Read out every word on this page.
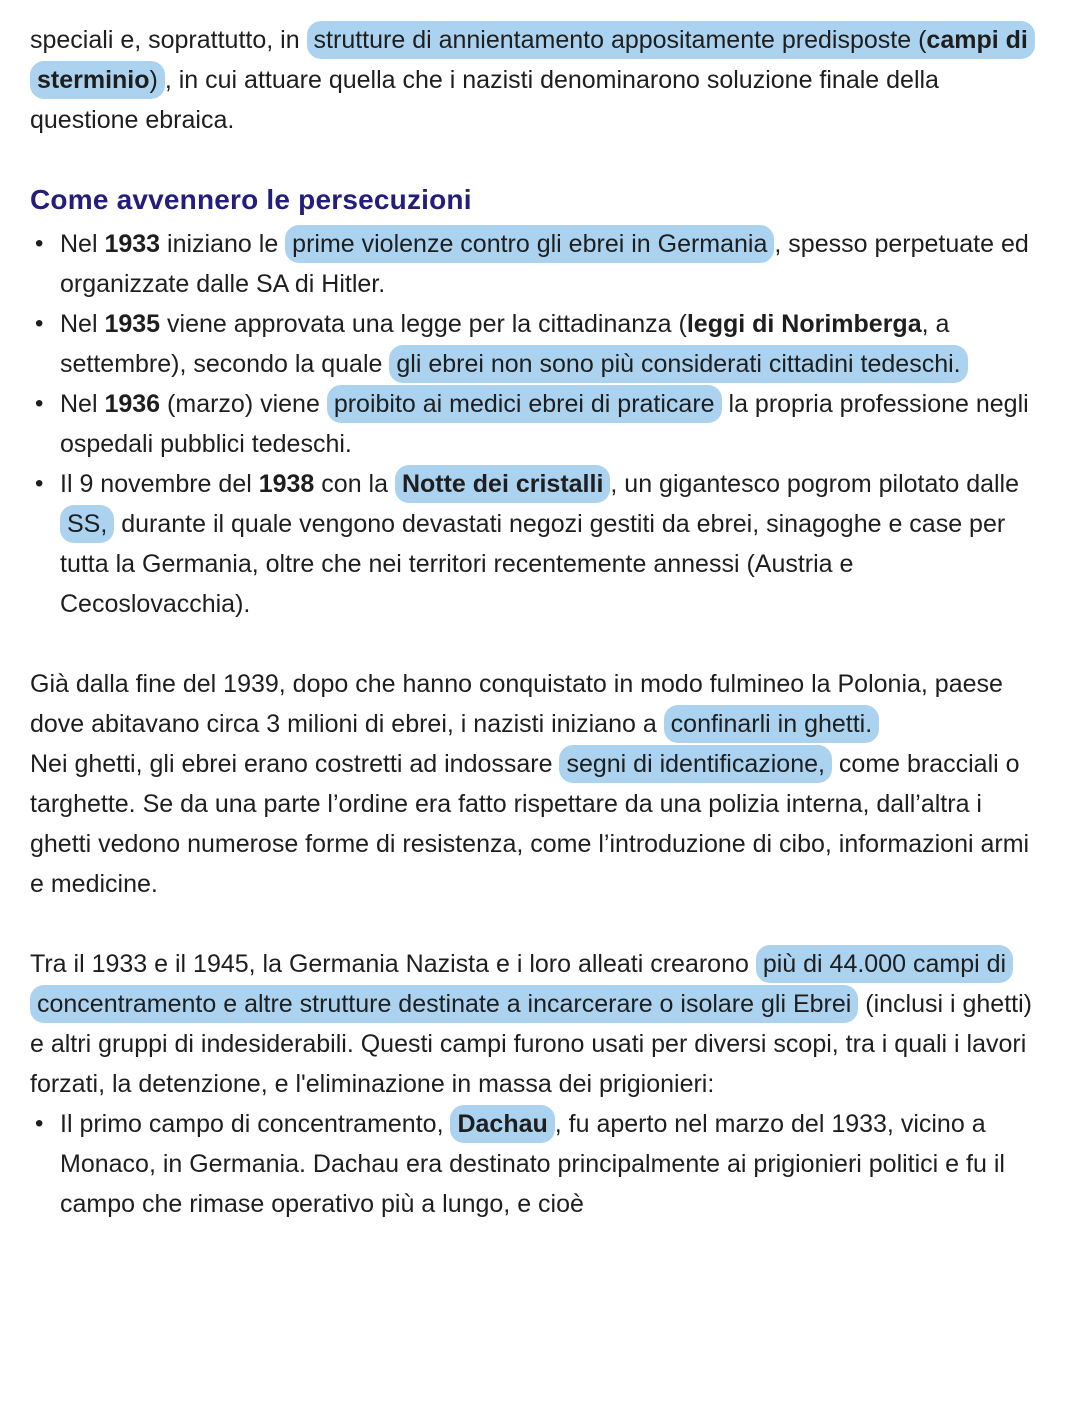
speciali e, soprattutto, in strutture di annientamento appositamente predisposte (campi di sterminio) , in cui attuare quella che i nazisti denominarono soluzione finale della questione ebraica.

Come avvennero le persecuzioni
• Nel 1933 iniziano le prime violenze contro gli ebrei in Germania , spesso perpetuate ed organizzate dalle SA di Hitler.
• Nel 1935 viene approvata una legge per la cittadinanza (leggi di Norimberga, a settembre), secondo la quale gli ebrei non sono più considerati cittadini tedeschi.
• Nel 1936 (marzo) viene proibito ai medici ebrei di praticare la propria professione negli ospedali pubblici tedeschi.
• Il 9 novembre del 1938 con la Notte dei cristalli , un gigantesco pogrom pilotato dalle SS, durante il quale vengono devastati negozi gestiti da ebrei, sinagoghe e case per tutta la Germania, oltre che nei territori recentemente annessi (Austria e Cecoslovacchia).

Già dalla fine del 1939, dopo che hanno conquistato in modo fulmineo la Polonia, paese dove abitavano circa 3 milioni di ebrei, i nazisti iniziano a confinarli in ghetti.

Nei ghetti, gli ebrei erano costretti ad indossare segni di identificazione, come bracciali o targhette. Se da una parte l’ordine era fatto rispettare da una polizia interna, dall’altra i ghetti vedono numerose forme di resistenza, come l’introduzione di cibo, informazioni armi e medicine.

Tra il 1933 e il 1945, la Germania Nazista e i loro alleati crearono più di 44.000 campi di concentramento e altre strutture destinate a incarcerare o isolare gli Ebrei (inclusi i ghetti) e altri gruppi di indesiderabili. Questi campi furono usati per diversi scopi, tra i quali i lavori forzati, la detenzione, e l'eliminazione in massa dei prigionieri:

• Il primo campo di concentramento, Dachau , fu aperto nel marzo del 1933, vicino a Monaco, in Germania. Dachau era destinato principalmente ai prigionieri politici e fu il campo che rimase operativo più a lungo, e cioè
